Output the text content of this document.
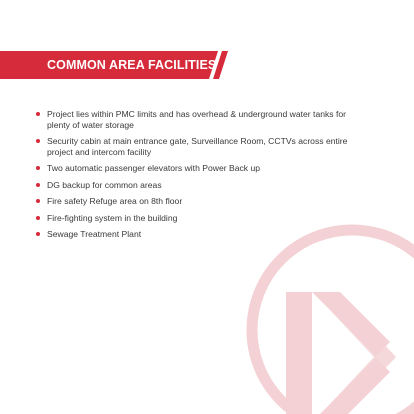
COMMON AREA FACILITIES
Project lies within PMC limits and has overhead & underground water tanks for plenty of water storage
Security cabin at main entrance gate, Surveillance Room, CCTVs across entire project and intercom facility
Two automatic passenger elevators with Power Back up
DG backup for common areas
Fire safety Refuge area on 8th floor
Fire-fighting system in the building
Sewage Treatment Plant
